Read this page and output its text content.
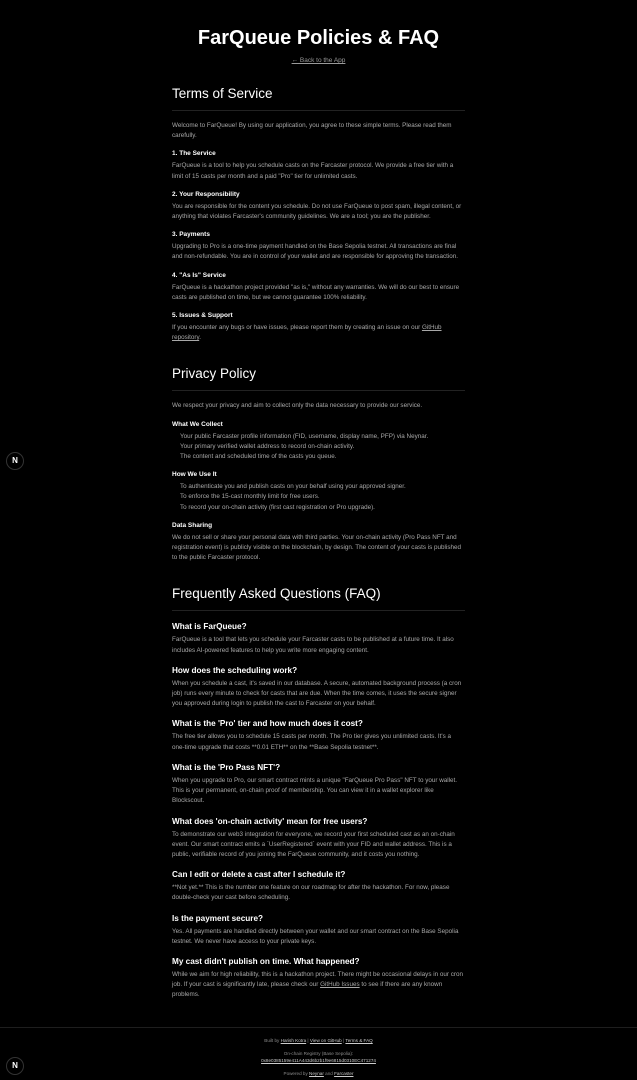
FarQueue Policies & FAQ
← Back to the App
Terms of Service

Welcome to FarQueue! By using our application, you agree to these simple terms. Please read them carefully.

1. The Service

FarQueue is a tool to help you schedule casts on the Farcaster protocol. We provide a free tier with a limit of 15 casts per month and a paid "Pro" tier for unlimited casts.

2. Your Responsibility

You are responsible for the content you schedule. Do not use FarQueue to post spam, illegal content, or anything that violates Farcaster's community guidelines. We are a tool; you are the publisher.

3. Payments

Upgrading to Pro is a one-time payment handled on the Base Sepolia testnet. All transactions are final and non-refundable. You are in control of your wallet and are responsible for approving the transaction.

4. "As Is" Service

FarQueue is a hackathon project provided "as is," without any warranties. We will do our best to ensure casts are published on time, but we cannot guarantee 100% reliability.

5. Issues & Support

If you encounter any bugs or have issues, please report them by creating an issue on our GitHub repository.

Privacy Policy

We respect your privacy and aim to collect only the data necessary to provide our service.

What We Collect
Your public Farcaster profile information (FID, username, display name, PFP) via Neynar.
Your primary verified wallet address to record on-chain activity.
The content and scheduled time of the casts you queue.
How We Use It
To authenticate you and publish casts on your behalf using your approved signer.
To enforce the 15-cast monthly limit for free users.
To record your on-chain activity (first cast registration or Pro upgrade).
Data Sharing

We do not sell or share your personal data with third parties. Your on-chain activity (Pro Pass NFT and registration event) is publicly visible on the blockchain, by design. The content of your casts is published to the public Farcaster protocol.

Frequently Asked Questions (FAQ)
What is FarQueue?

FarQueue is a tool that lets you schedule your Farcaster casts to be published at a future time. It also includes AI-powered features to help you write more engaging content.

How does the scheduling work?

When you schedule a cast, it's saved in our database. A secure, automated background process (a cron job) runs every minute to check for casts that are due. When the time comes, it uses the secure signer you approved during login to publish the cast to Farcaster on your behalf.

What is the 'Pro' tier and how much does it cost?

The free tier allows you to schedule 15 casts per month. The Pro tier gives you unlimited casts. It's a one-time upgrade that costs **0.01 ETH** on the **Base Sepolia testnet**.

What is the 'Pro Pass NFT'?

When you upgrade to Pro, our smart contract mints a unique "FarQueue Pro Pass" NFT to your wallet. This is your permanent, on-chain proof of membership. You can view it in a wallet explorer like Blockscout.

What does 'on-chain activity' mean for free users?

To demonstrate our web3 integration for everyone, we record your first scheduled cast as an on-chain event. Our smart contract emits a `UserRegistered` event with your FID and wallet address. This is a public, verifiable record of you joining the FarQueue community, and it costs you nothing.

Can I edit or delete a cast after I schedule it?

**Not yet.** This is the number one feature on our roadmap for after the hackathon. For now, please double-check your cast before scheduling.

Is the payment secure?

Yes. All payments are handled directly between your wallet and our smart contract on the Base Sepolia testnet. We never have access to your private keys.

My cast didn't publish on time. What happened?

While we aim for high reliability, this is a hackathon project. There might be occasional delays in our cron job. If your cast is significantly late, please check our GitHub Issues to see if there are any known problems.

Built by Harish Kotra | View on GitHub | Terms & FAQ
On-chain Registry (Base Sepolia):
0x8e0385159e411A443d6b2b1f9e6815d0310EC471274
Powered by Neynar and Farcaster
N
N
